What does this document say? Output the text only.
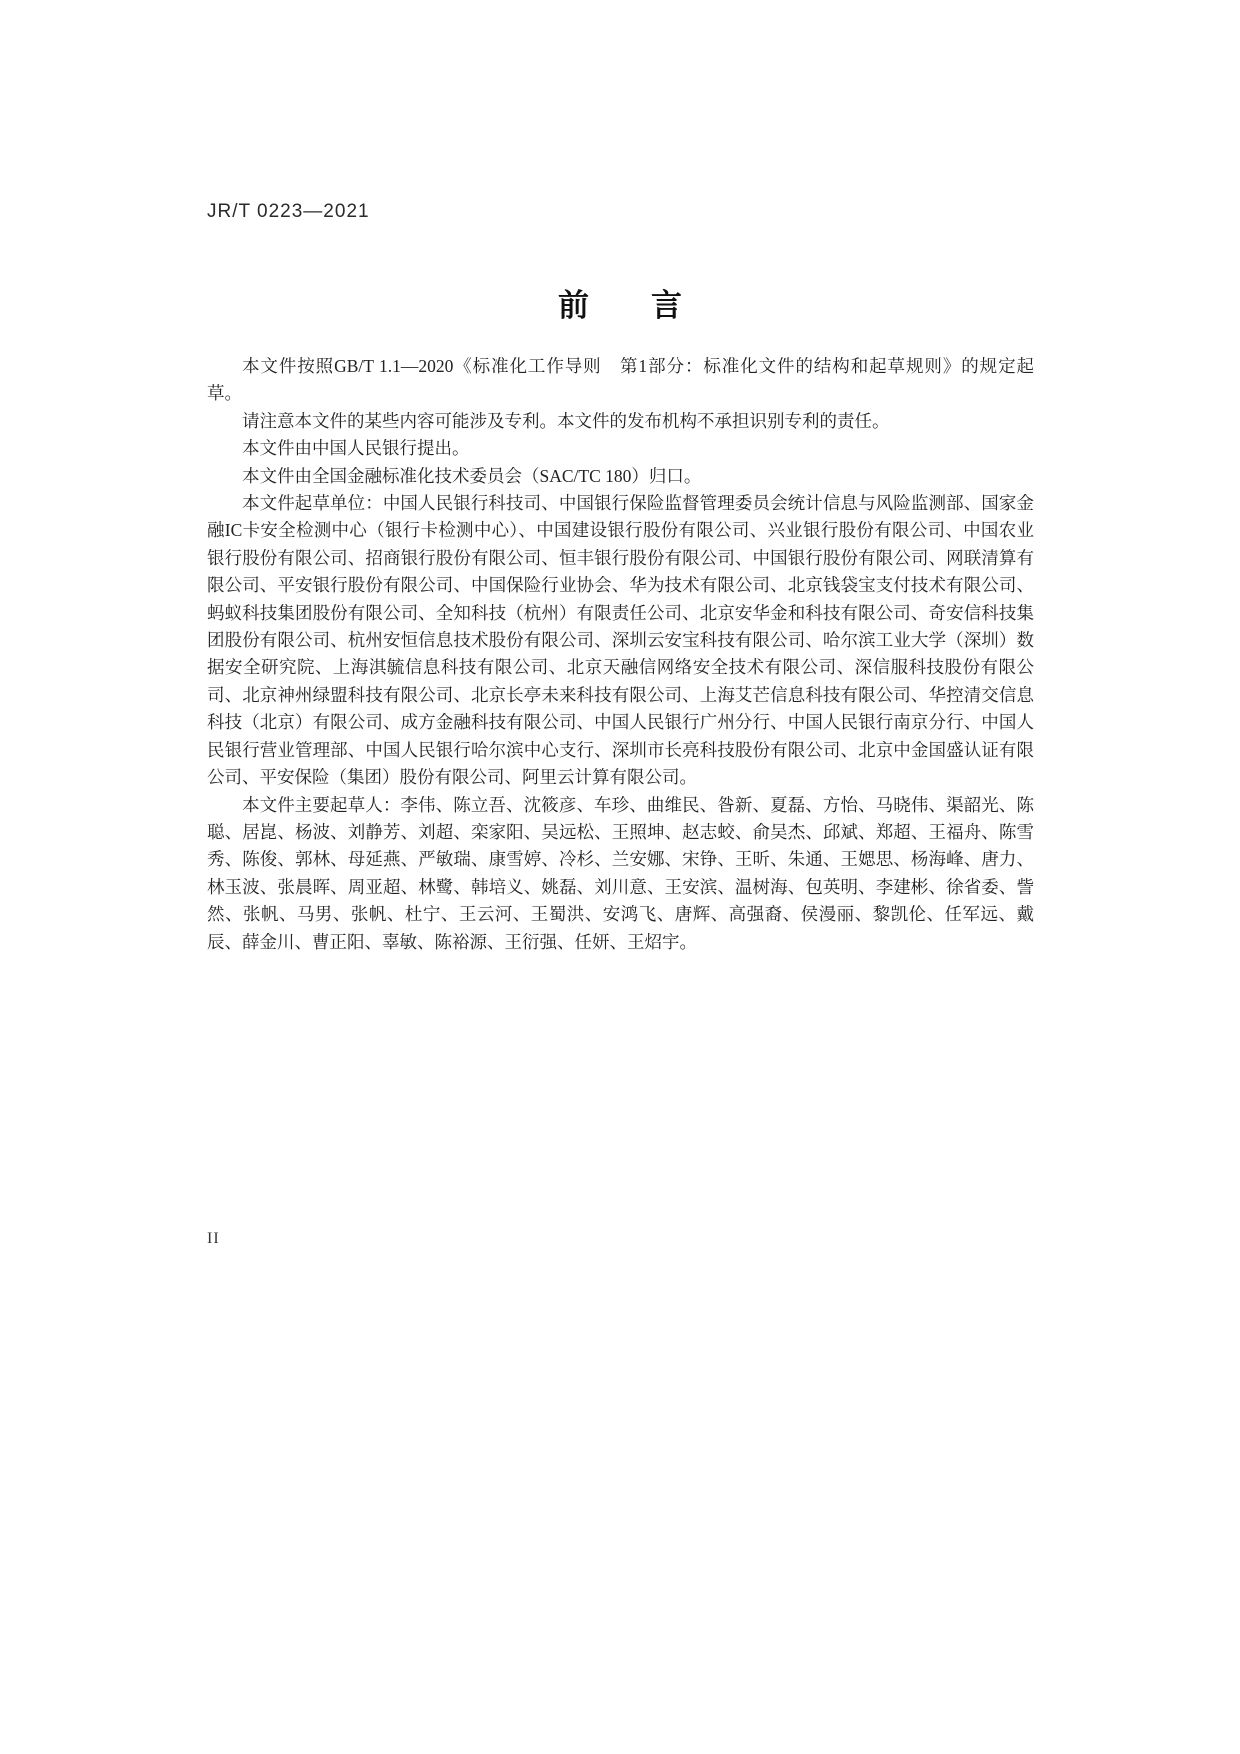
JR/T 0223—2021
前　　言

本文件按照GB/T 1.1—2020《标准化工作导则　第1部分：标准化文件的结构和起草规则》的规定起草。

请注意本文件的某些内容可能涉及专利。本文件的发布机构不承担识别专利的责任。

本文件由中国人民银行提出。

本文件由全国金融标准化技术委员会（SAC/TC 180）归口。

本文件起草单位：中国人民银行科技司、中国银行保险监督管理委员会统计信息与风险监测部、国家金融IC卡安全检测中心（银行卡检测中心）、中国建设银行股份有限公司、兴业银行股份有限公司、中国农业银行股份有限公司、招商银行股份有限公司、恒丰银行股份有限公司、中国银行股份有限公司、网联清算有限公司、平安银行股份有限公司、中国保险行业协会、华为技术有限公司、北京钱袋宝支付技术有限公司、蚂蚁科技集团股份有限公司、全知科技（杭州）有限责任公司、北京安华金和科技有限公司、奇安信科技集团股份有限公司、杭州安恒信息技术股份有限公司、深圳云安宝科技有限公司、哈尔滨工业大学（深圳）数据安全研究院、上海淇毓信息科技有限公司、北京天融信网络安全技术有限公司、深信服科技股份有限公司、北京神州绿盟科技有限公司、北京长亭未来科技有限公司、上海艾芒信息科技有限公司、华控清交信息科技（北京）有限公司、成方金融科技有限公司、中国人民银行广州分行、中国人民银行南京分行、中国人民银行营业管理部、中国人民银行哈尔滨中心支行、深圳市长亮科技股份有限公司、北京中金国盛认证有限公司、平安保险（集团）股份有限公司、阿里云计算有限公司。

本文件主要起草人：李伟、陈立吾、沈筱彦、车珍、曲维民、昝新、夏磊、方怡、马晓伟、渠韶光、陈聪、居崑、杨波、刘静芳、刘超、栾家阳、吴远松、王照坤、赵志蛟、俞吴杰、邱斌、郑超、王福舟、陈雪秀、陈俊、郭林、母延燕、严敏瑞、康雪婷、冷杉、兰安娜、宋铮、王昕、朱通、王媤思、杨海峰、唐力、林玉波、张晨晖、周亚超、林鹭、韩培义、姚磊、刘川意、王安滨、温树海、包英明、李建彬、徐省委、訾然、张帆、马男、张帆、杜宁、王云河、王蜀洪、安鸿飞、唐辉、高强裔、侯漫丽、黎凯伦、任军远、戴辰、薛金川、曹正阳、辜敏、陈裕源、王衍强、任妍、王炤宇。

II
